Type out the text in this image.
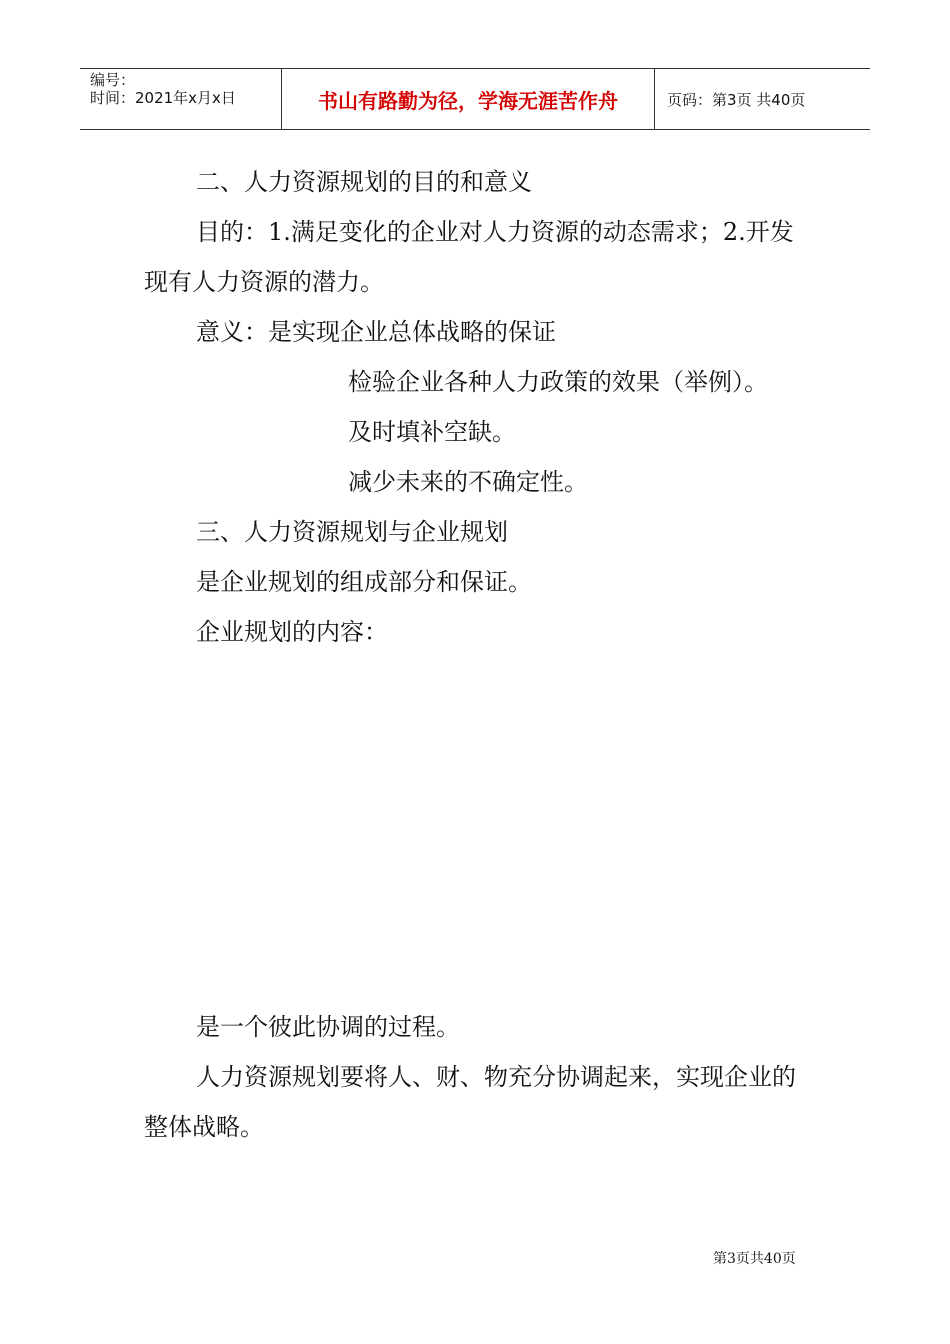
编号：
时间：2021年x月x日	书山有路勤为径，学海无涯苦作舟	页码：第3页 共40页
二、人力资源规划的目的和意义
目的：1.满足变化的企业对人力资源的动态需求；2.开发现有人力资源的潜力。
意义：是实现企业总体战略的保证
检验企业各种人力政策的效果（举例）。
及时填补空缺。
减少未来的不确定性。
三、人力资源规划与企业规划
是企业规划的组成部分和保证。
企业规划的内容：
是一个彼此协调的过程。
人力资源规划要将人、财、物充分协调起来，实现企业的整体战略。
第3页共40页
